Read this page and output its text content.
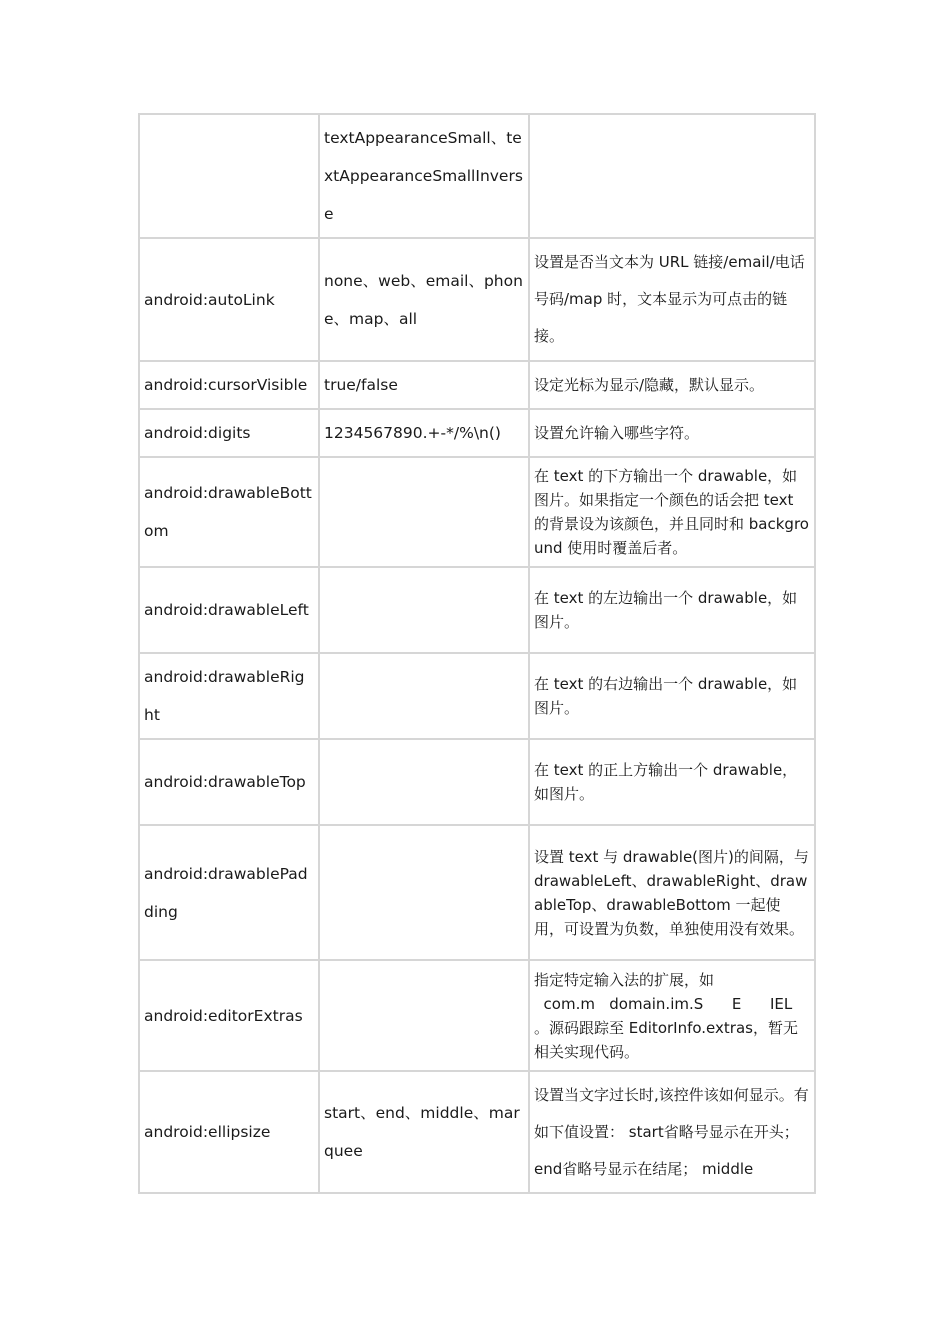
	textAppearanceSmall、textAppearanceSmallInverse	
android:autoLink	none、web、email、phone、map、all	设置是否当文本为 URL 链接/email/电话号码/map 时，文本显示为可点击的链接。
android:cursorVisible	true/false	设定光标为显示/隐藏，默认显示。
android:digits	1234567890.+-*/%\n()	设置允许输入哪些字符。
android:drawableBottom		在 text 的下方输出一个 drawable，如图片。如果指定一个颜色的话会把 text 的背景设为该颜色，并且同时和 background 使用时覆盖后者。
android:drawableLeft		在 text 的左边输出一个 drawable，如图片。
android:drawableRight		在 text 的右边输出一个 drawable，如图片。
android:drawableTop		在 text 的正上方输出一个 drawable，如图片。
android:drawablePadding		设置 text 与 drawable(图片)的间隔，与 drawableLeft、drawableRight、drawableTop、drawableBottom 一起使用，可设置为负数，单独使用没有效果。
android:editorExtras		指定特定输入法的扩展，如
com.m   domain.im.S      E      IEL
。源码跟踪至 EditorInfo.extras，暂无相关实现代码。
android:ellipsize	start、end、middle、marquee	设置当文字过长时,该控件该如何显示。有如下值设置： start省略号显示在开头； end省略号显示在结尾； middle
